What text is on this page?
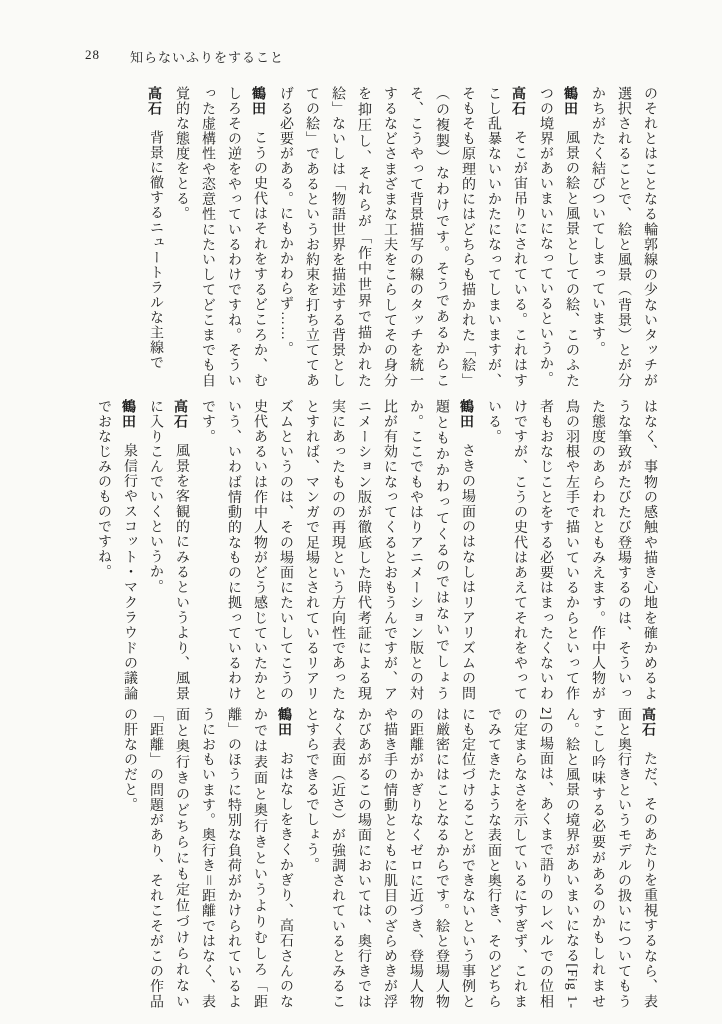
28 知らないふりをすること

のそれとはことなる輪郭線の少ないタッチが選択されることで、絵と風景（背景）とが分かちがたく結びついてしまっています。

鶴田風景の絵と風景としての絵、このふたつの境界があいまいになっているというか。

高石そこが宙吊りにされている。これはすこし乱暴ないいかたになってしまいますが、そもそも原理的にはどちらも描かれた「絵」（の複製）なわけです。そうであるからこそ、こうやって背景描写の線のタッチを統一するなどさまざまな工夫をこらしてその身分を抑圧し、それらが「作中世界で描かれた絵」ないしは「物語世界を描述する背景としての絵」であるというお約束を打ち立ててあげる必要がある。にもかかわらず……。

鶴田こうの史代はそれをするどころか、むしろその逆をやっているわけですね。そういった虚構性や恣意性にたいしてどこまでも自覚的な態度をとる。

高石背景に徹するニュートラルな主線で

はなく、事物の感触や描き心地を確かめるような筆致がたびたび登場するのは、そういった態度のあらわれともみえます。作中人物が鳥の羽根や左手で描いているからといって作者もおなじことをする必要はまったくないわけですが、こうの史代はあえてそれをやっている。

鶴田さきの場面のはなしはリアリズムの問題ともかかわってくるのではないでしょうか。ここでもやはりアニメーション版との対比が有効になってくるとおもうんですが、アニメーション版が徹底した時代考証による現実にあったものの再現という方向性であったとすれば、マンガで足場とされているリアリズムというのは、その場面にたいしてこうの史代あるいは作中人物がどう感じていたかという、いわば情動的なものに拠っているわけです。

高石風景を客観的にみるというより、風景に入りこんでいくというか。

鶴田泉信行やスコット・マクラウドの議論でおなじみのものですね。

高石ただ、そのあたりを重視するなら、表面と奥行きというモデルの扱いについてもうすこし吟味する必要があるのかもしれません。絵と風景の境界があいまいになる[Fig 1-2]の場面は、あくまで語りのレベルでの位相の定まらなさを示しているにすぎず、これまでみてきたような表面と奥行き、そのどちらにも定位づけることができないという事例とは厳密にはことなるからです。絵と登場人物の距離がかぎりなくゼロに近づき、登場人物や描き手の情動とともに肌目のざらめきが浮かびあがるこの場面においては、奥行きではなく表面（近さ）が強調されているとみることすらできるでしょう。

鶴田おはなしをきくかぎり、高石さんのなかでは表面と奥行きというよりむしろ「距離」のほうに特別な負荷がかけられているようにおもいます。奥行き＝距離ではなく、表面と奥行きのどちらにも定位づけられない「距離」の問題があり、それこそがこの作品の肝なのだと。
